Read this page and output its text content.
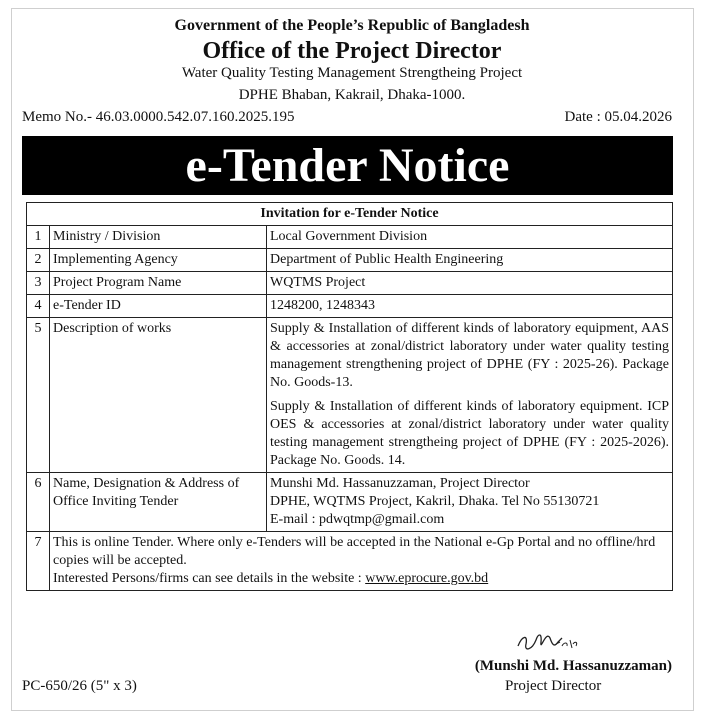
Government of the People’s Republic of Bangladesh
Office of the Project Director
Water Quality Testing Management Strengtheing Project
DPHE Bhaban, Kakrail, Dhaka-1000.
Memo No.- 46.03.0000.542.07.160.2025.195	Date : 05.04.2026
e-Tender Notice
Invitation for e-Tender Notice		
1	Ministry / Division	Local Government Division
2	Implementing Agency	Department of Public Health Engineering
3	Project Program Name	WQTMS Project
4	e-Tender ID	1248200, 1248343
5	Description of works	Supply & Installation of different kinds of laboratory equipment, AAS & accessories at zonal/district laboratory under water quality testing management strengthening project of DPHE (FY : 2025-26). Package No. Goods-13.
Supply & Installation of different kinds of laboratory equipment. ICP OES & accessories at zonal/district laboratory under water quality testing management strengtheing project of DPHE (FY : 2025-2026). Package No. Goods. 14.

6	Name, Designation & Address of Office Inviting Tender	Munshi Md. Hassanuzzaman, Project Director
DPHE, WQTMS Project, Kakril, Dhaka. Tel No 55130721
E-mail : pdwqtmp@gmail.com

7	This is online Tender. Where only e-Tenders will be accepted in the National e-Gp Portal and no offline/hrd copies will be accepted.
Interested Persons/firms can see details in the website : www.eprocure.gov.bd	
(Munshi Md. Hassanuzzaman)
Project Director
PC-650/26 (5" x 3)
